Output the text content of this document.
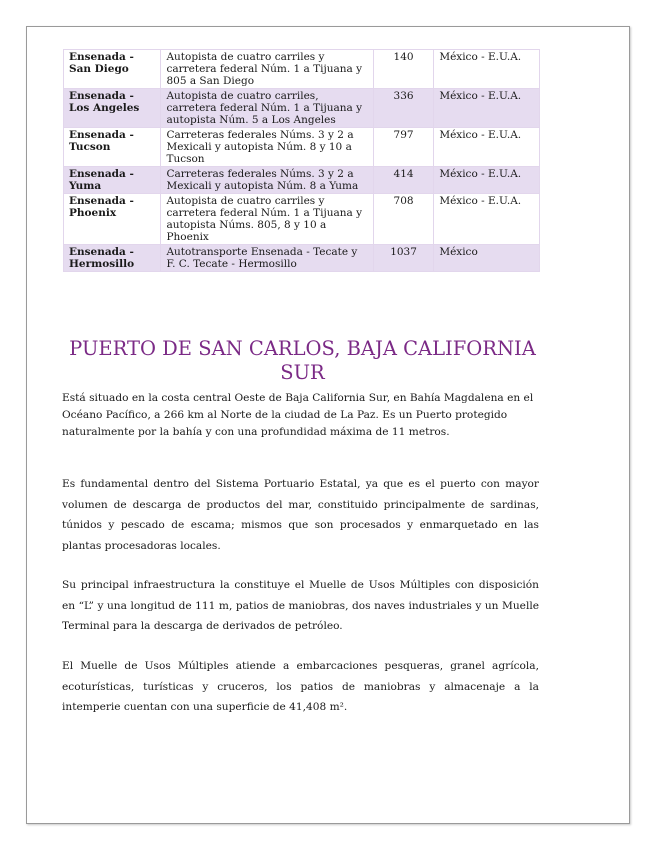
Ensenada - San Diego	Autopista de cuatro carriles y carretera federal Núm. 1 a Tijuana y 805 a San Diego	140	México - E.U.A.
Ensenada - Los Angeles	Autopista de cuatro carriles, carretera federal Núm. 1 a Tijuana y autopista Núm. 5 a Los Angeles	336	México - E.U.A.
Ensenada - Tucson	Carreteras federales Núms. 3 y 2 a Mexicali y autopista Núm. 8 y 10 a Tucson	797	México - E.U.A.
Ensenada - Yuma	Carreteras federales Núms. 3 y 2 a Mexicali y autopista Núm. 8 a Yuma	414	México - E.U.A.
Ensenada - Phoenix	Autopista de cuatro carriles y carretera federal Núm. 1 a Tijuana y autopista Núms. 805, 8 y 10 a Phoenix	708	México - E.U.A.
Ensenada - Hermosillo	Autotransporte Ensenada - Tecate y F. C. Tecate - Hermosillo	1037	México
PUERTO DE SAN CARLOS, BAJA CALIFORNIA SUR

Está situado en la costa central Oeste de Baja California Sur, en Bahía Magdalena en el Océano Pacífico, a 266 km al Norte de la ciudad de La Paz. Es un Puerto protegido naturalmente por la bahía y con una profundidad máxima de 11 metros.

Es fundamental dentro del Sistema Portuario Estatal, ya que es el puerto con mayor volumen de descarga de productos del mar, constituido principalmente de sardinas, túnidos y pescado de escama; mismos que son procesados y enmarquetado en las plantas procesadoras locales.

Su principal infraestructura la constituye el Muelle de Usos Múltiples con disposición en “L” y una longitud de 111 m, patios de maniobras, dos naves industriales y un Muelle Terminal para la descarga de derivados de petróleo.

El Muelle de Usos Múltiples atiende a embarcaciones pesqueras, granel agrícola, ecoturísticas, turísticas y cruceros, los patios de maniobras y almacenaje a la intemperie cuentan con una superficie de 41,408 m².
